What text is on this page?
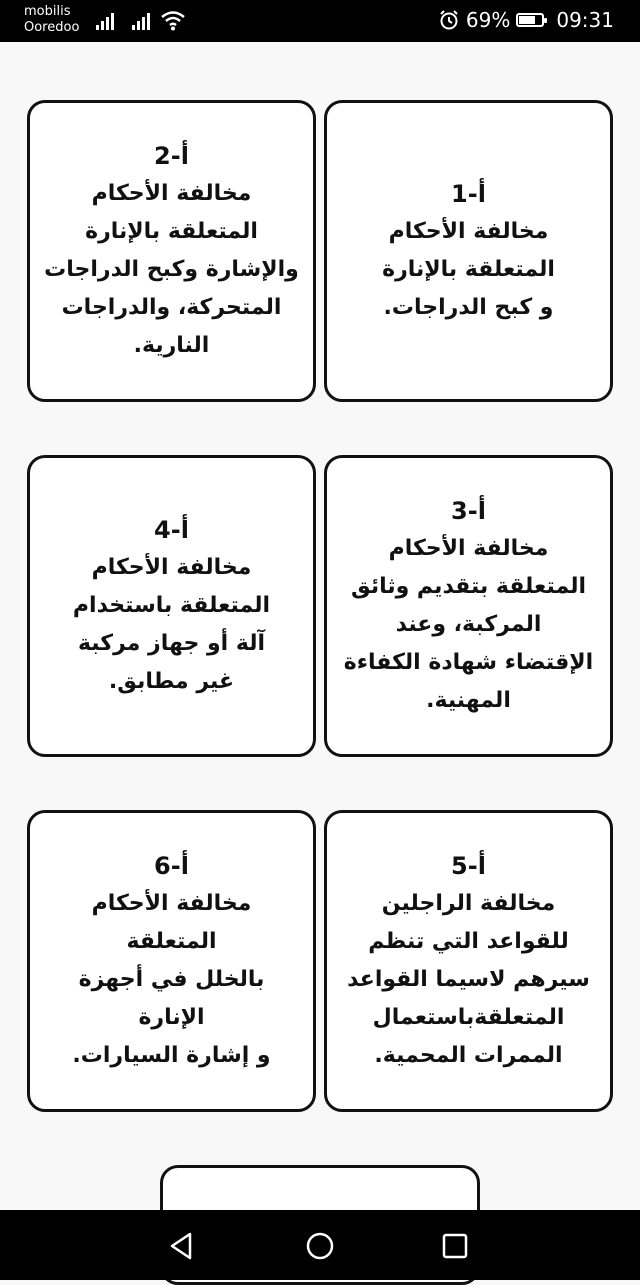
mobilis
Ooredoo	69% 09:31
أ-1
مخالفة الأحكام
المتعلقة بالإنارة
و كبح الدراجات.
أ-2
مخالفة الأحكام
المتعلقة بالإنارة
والإشارة وكبح الدراجات
المتحركة، والدراجات
النارية.
أ-3
مخالفة الأحكام
المتعلقة بتقديم وثائق
المركبة، وعند
الإقتضاء شهادة الكفاءة
المهنية.
أ-4
مخالفة الأحكام
المتعلقة باستخدام
آلة أو جهاز مركبة
غير مطابق.
أ-5
مخالفة الراجلين
للقواعد التي تنظم
سيرهم لاسيما القواعد
المتعلقةباستعمال
الممرات المحمية.
أ-6
مخالفة الأحكام
المتعلقة
بالخلل في أجهزة
الإنارة
و إشارة السيارات.
